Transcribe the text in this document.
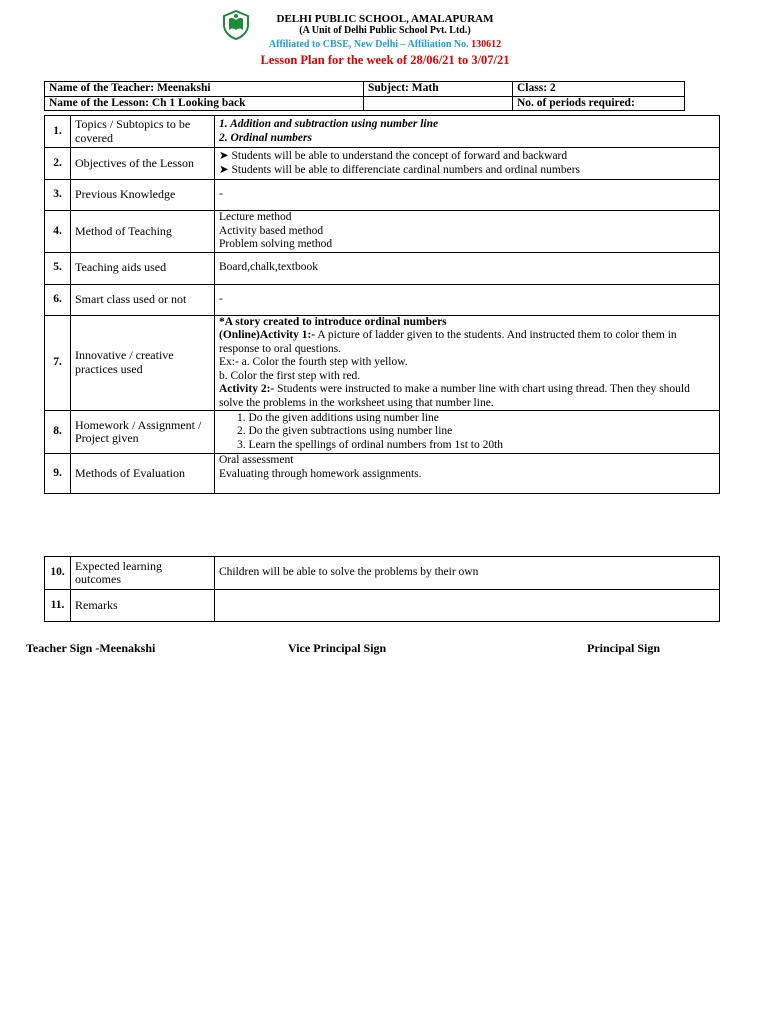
DELHI PUBLIC SCHOOL, AMALAPURAM
(A Unit of Delhi Public School Pvt. Ltd.)
Affiliated to CBSE, New Delhi – Affiliation No. 130612
Lesson Plan for the week of 28/06/21 to 3/07/21
Name of the Teacher: Meenakshi	Subject: Math	Class: 2
Name of the Lesson: Ch 1 Looking back		No. of periods required:
1.	Topics / Subtopics to be covered	1. Addition and subtraction using number line
2. Ordinal numbers

2.	Objectives of the Lesson	➤ Students will be able to understand the concept of forward and backward
➤ Students will be able to differenciate cardinal numbers and ordinal numbers

3.	Previous Knowledge	-
4.	Method of Teaching	Lecture method
Activity based method
Problem solving method

5.	Teaching aids used	Board,chalk,textbook
6.	Smart class used or not	-
7.	Innovative / creative practices used	*A story created to introduce ordinal numbers
(Online)Activity 1:- A picture of ladder given to the students. And instructed them to color them in response to oral questions.
Ex:- a. Color the fourth step with yellow.
b. Color the first step with red.
Activity 2:- Students were instructed to make a number line with chart using thread. Then they should solve the problems in the worksheet using that number line.

8.	Homework / Assignment / Project given	1. Do the given additions using number line
2. Do the given subtractions using number line
3. Learn the spellings of ordinal numbers from 1st to 20th

9.	Methods of Evaluation	Oral assessment
Evaluating through homework assignments.
10.	Expected learning outcomes	Children will be able to solve the problems by their own
11.	Remarks	
Teacher Sign -Meenakshi	Vice Principal Sign	Principal Sign
